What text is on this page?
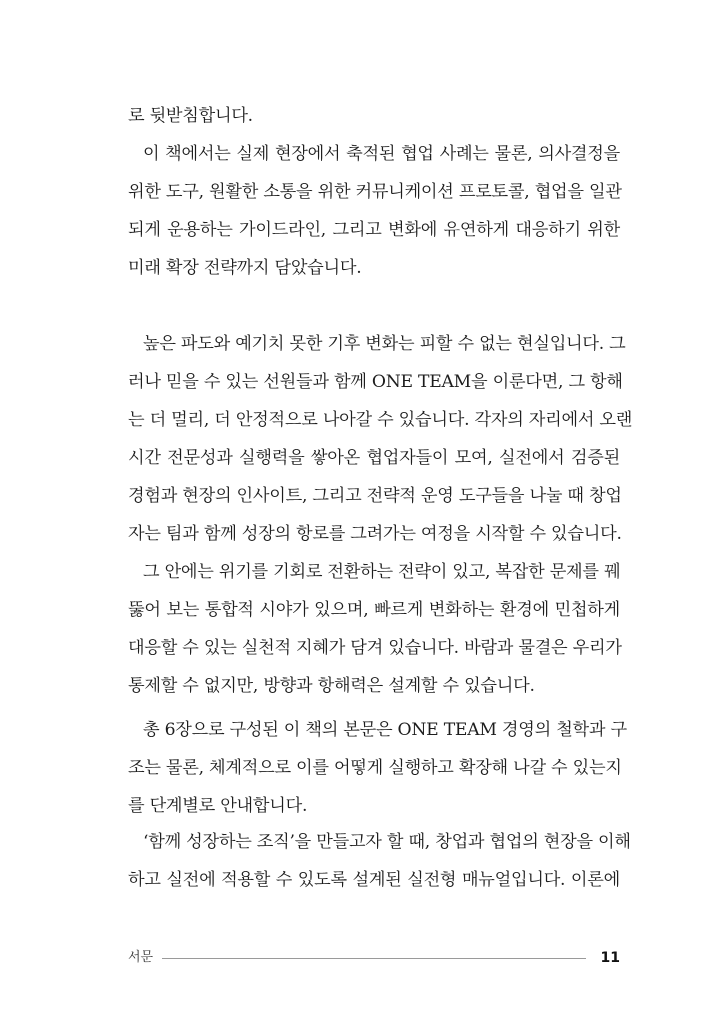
로 뒷받침합니다.
이 책에서는 실제 현장에서 축적된 협업 사례는 물론, 의사결정을
위한 도구, 원활한 소통을 위한 커뮤니케이션 프로토콜, 협업을 일관
되게 운용하는 가이드라인, 그리고 변화에 유연하게 대응하기 위한
미래 확장 전략까지 담았습니다.
높은 파도와 예기치 못한 기후 변화는 피할 수 없는 현실입니다. 그
러나 믿을 수 있는 선원들과 함께 ONE TEAM을 이룬다면, 그 항해
는 더 멀리, 더 안정적으로 나아갈 수 있습니다. 각자의 자리에서 오랜
시간 전문성과 실행력을 쌓아온 협업자들이 모여, 실전에서 검증된
경험과 현장의 인사이트, 그리고 전략적 운영 도구들을 나눌 때 창업
자는 팀과 함께 성장의 항로를 그려가는 여정을 시작할 수 있습니다.
그 안에는 위기를 기회로 전환하는 전략이 있고, 복잡한 문제를 꿰
뚫어 보는 통합적 시야가 있으며, 빠르게 변화하는 환경에 민첩하게
대응할 수 있는 실천적 지혜가 담겨 있습니다. 바람과 물결은 우리가
통제할 수 없지만, 방향과 항해력은 설계할 수 있습니다.
총 6장으로 구성된 이 책의 본문은 ONE TEAM 경영의 철학과 구
조는 물론, 체계적으로 이를 어떻게 실행하고 확장해 나갈 수 있는지
를 단계별로 안내합니다.
‘함께 성장하는 조직’을 만들고자 할 때, 창업과 협업의 현장을 이해
하고 실전에 적용할 수 있도록 설계된 실전형 매뉴얼입니다. 이론에
서문	11
